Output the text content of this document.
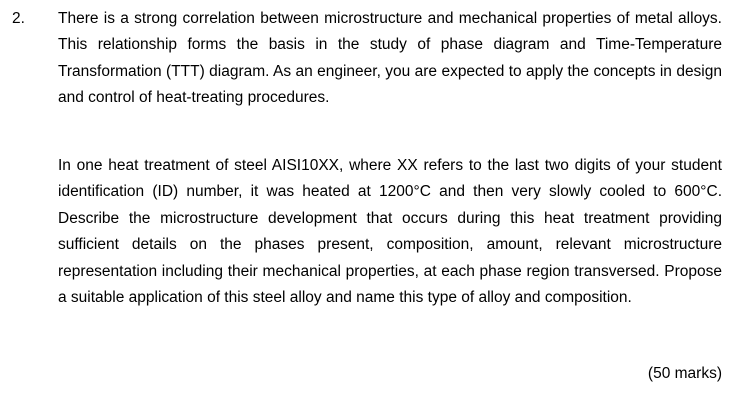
2. There is a strong correlation between microstructure and mechanical properties of metal alloys. This relationship forms the basis in the study of phase diagram and Time-Temperature Transformation (TTT) diagram. As an engineer, you are expected to apply the concepts in design and control of heat-treating procedures.

In one heat treatment of steel AISI10XX, where XX refers to the last two digits of your student identification (ID) number, it was heated at 1200°C and then very slowly cooled to 600°C. Describe the microstructure development that occurs during this heat treatment providing sufficient details on the phases present, composition, amount, relevant microstructure representation including their mechanical properties, at each phase region transversed. Propose a suitable application of this steel alloy and name this type of alloy and composition.

(50 marks)
